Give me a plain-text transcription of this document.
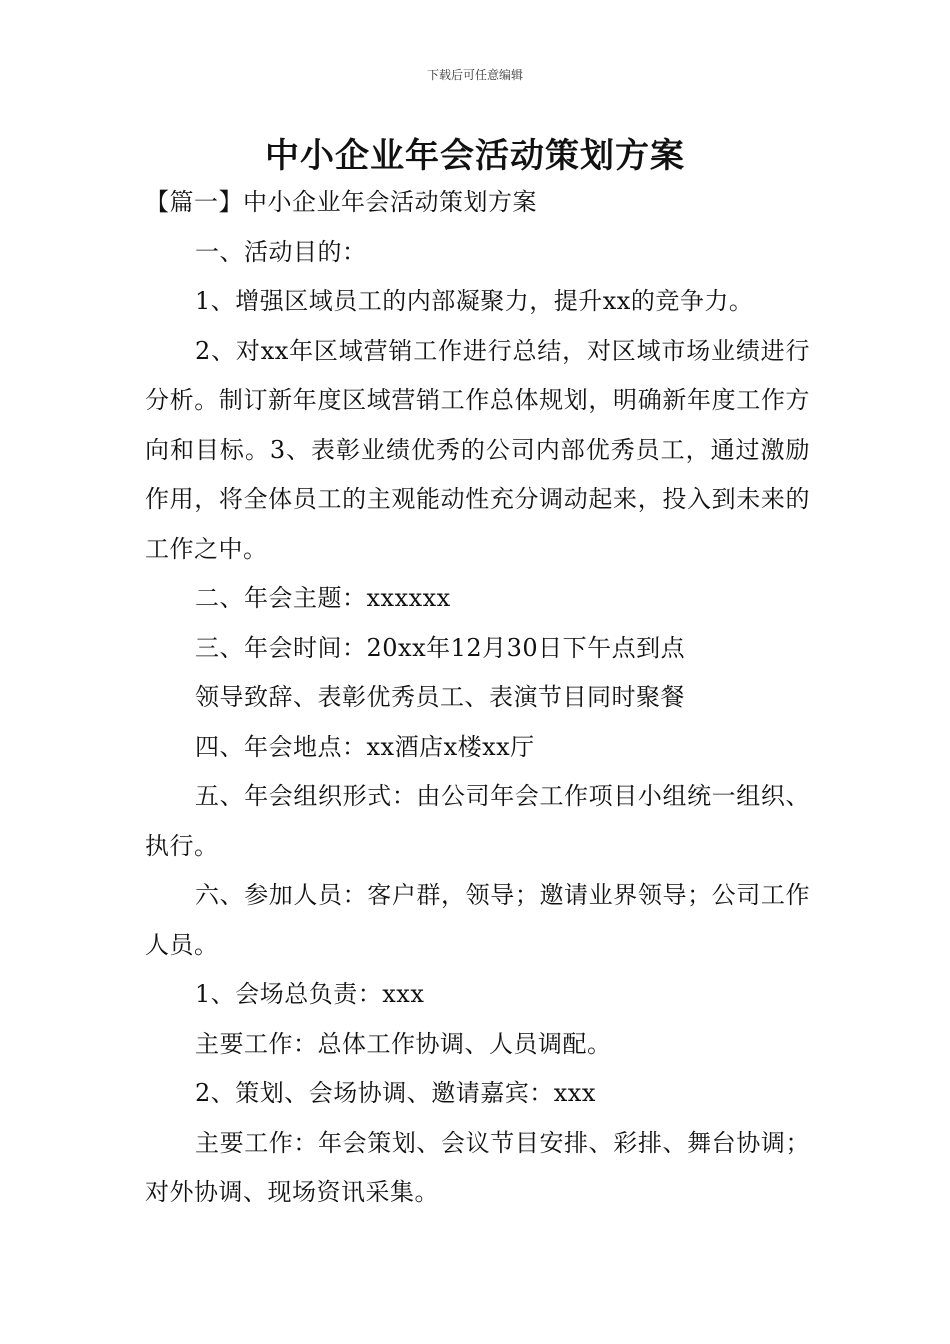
下载后可任意编辑
中小企业年会活动策划方案

【篇一】中小企业年会活动策划方案

一、活动目的：

1、增强区域员工的内部凝聚力，提升xx的竞争力。

2、对xx年区域营销工作进行总结，对区域市场业绩进行分析。制订新年度区域营销工作总体规划，明确新年度工作方向和目标。3、表彰业绩优秀的公司内部优秀员工，通过激励作用，将全体员工的主观能动性充分调动起来，投入到未来的工作之中。

二、年会主题：xxxxxx

三、年会时间：20xx年12月30日下午点到点

领导致辞、表彰优秀员工、表演节目同时聚餐

四、年会地点：xx酒店x楼xx厅

五、年会组织形式：由公司年会工作项目小组统一组织、执行。

六、参加人员：客户群，领导；邀请业界领导；公司工作人员。

1、会场总负责：xxx

主要工作：总体工作协调、人员调配。

2、策划、会场协调、邀请嘉宾：xxx

主要工作：年会策划、会议节目安排、彩排、舞台协调；对外协调、现场资讯采集。
